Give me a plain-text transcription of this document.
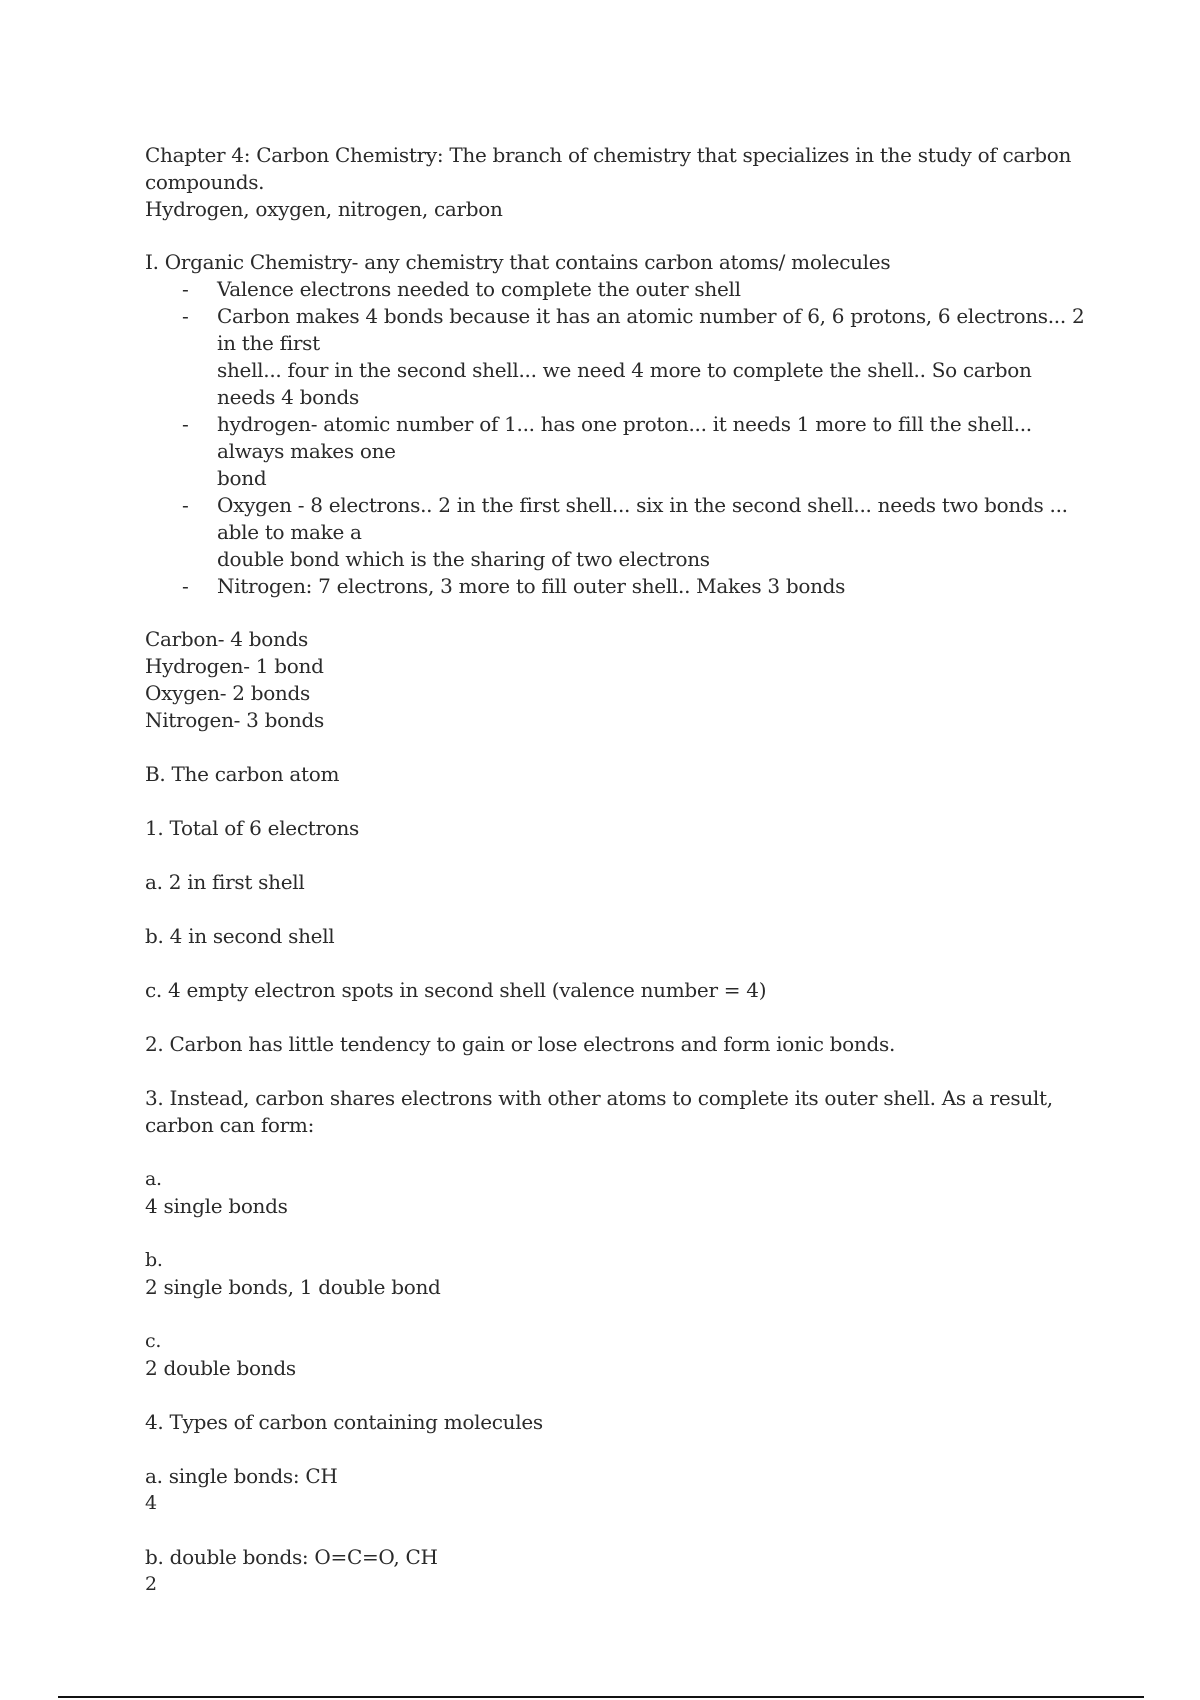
Chapter 4: Carbon Chemistry: The branch of chemistry that specializes in the study of carbon compounds.
Hydrogen, oxygen, nitrogen, carbon
I. Organic Chemistry- any chemistry that contains carbon atoms/ molecules
- Valence electrons needed to complete the outer shell
- Carbon makes 4 bonds because it has an atomic number of 6, 6 protons, 6 electrons... 2 in the first
shell... four in the second shell... we need 4 more to complete the shell.. So carbon needs 4 bonds
- hydrogen- atomic number of 1... has one proton... it needs 1 more to fill the shell... always makes one
bond
- Oxygen - 8 electrons.. 2 in the first shell... six in the second shell... needs two bonds ... able to make a
double bond which is the sharing of two electrons
- Nitrogen: 7 electrons, 3 more to fill outer shell.. Makes 3 bonds
Carbon- 4 bonds
Hydrogen- 1 bond
Oxygen- 2 bonds
Nitrogen- 3 bonds
B. The carbon atom
1. Total of 6 electrons
a. 2 in first shell
b. 4 in second shell
c. 4 empty electron spots in second shell (valence number = 4)
2. Carbon has little tendency to gain or lose electrons and form ionic bonds.
3. Instead, carbon shares electrons with other atoms to complete its outer shell. As a result, carbon can form:
a.
4 single bonds
b.
2 single bonds, 1 double bond
c.
2 double bonds
4. Types of carbon containing molecules
a. single bonds: CH
4
b. double bonds: O=C=O, CH
2
